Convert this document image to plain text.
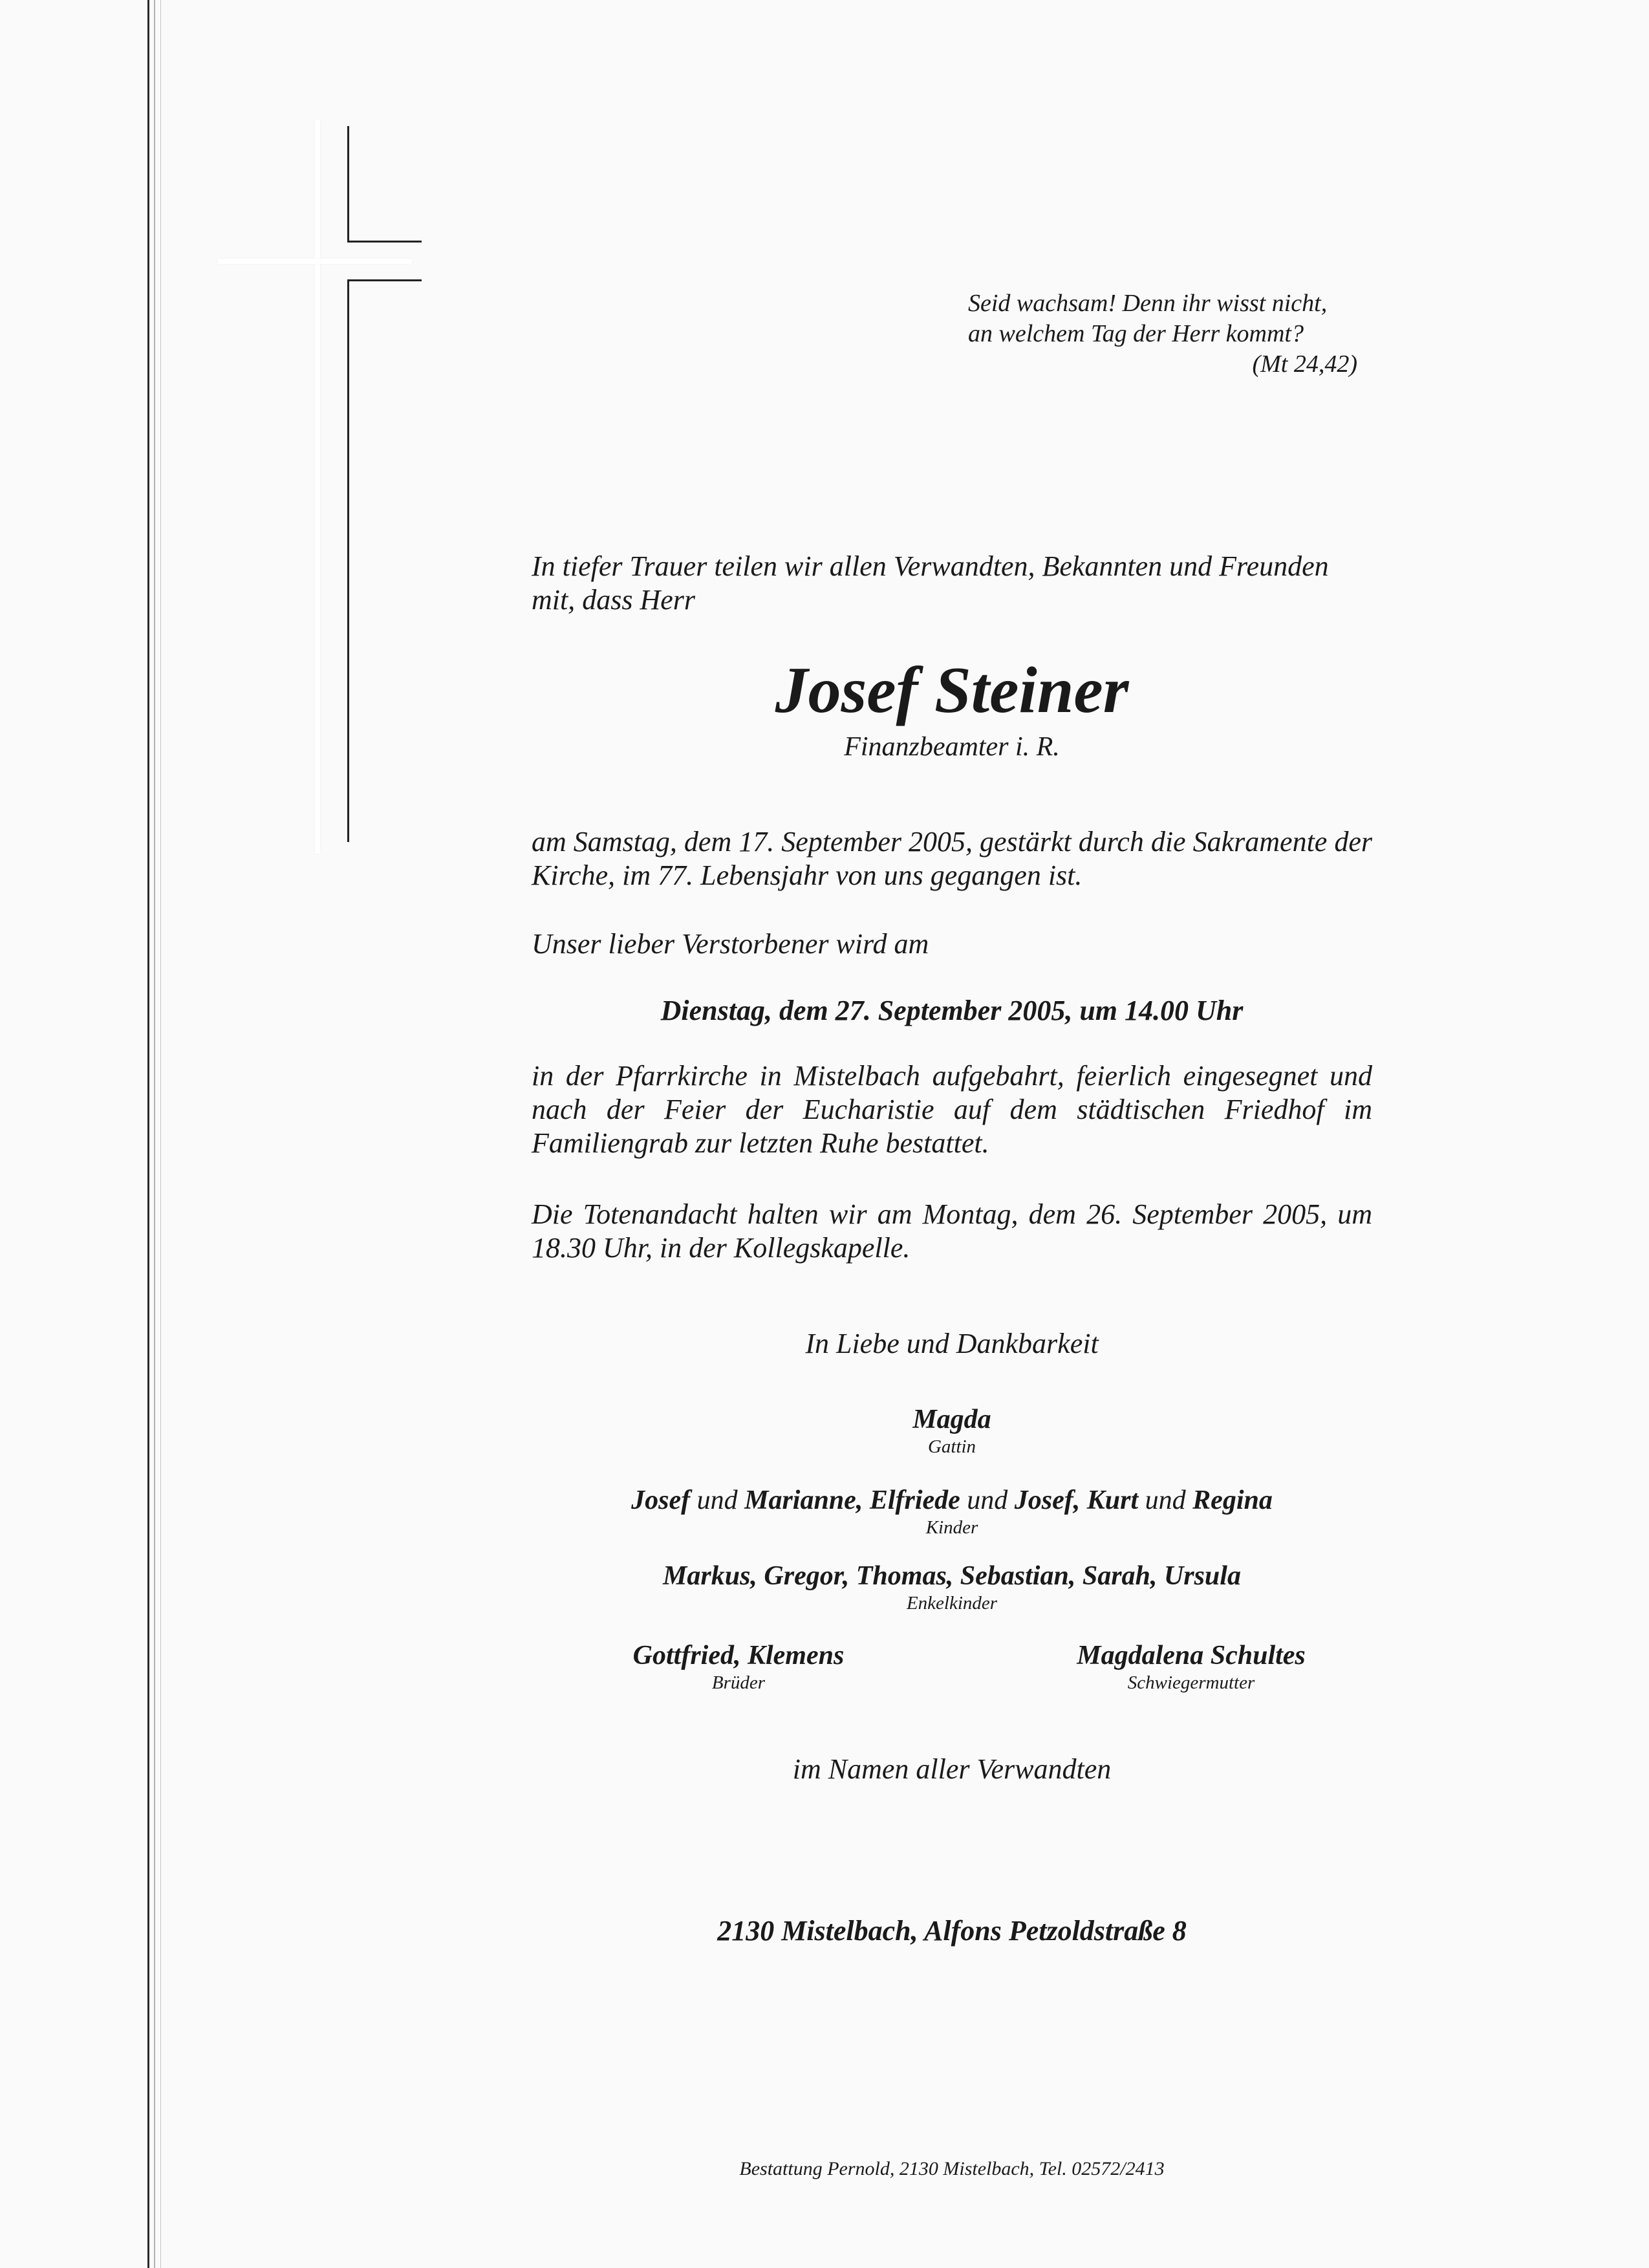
Seid wachsam! Denn ihr wisst nicht,
an welchem Tag der Herr kommt?
(Mt 24,42)

In tiefer Trauer teilen wir allen Verwandten, Bekannten und Freunden mit, dass Herr

Josef Steiner

Finanzbeamter i. R.

am Samstag, dem 17. September 2005, gestärkt durch die Sakramente der Kirche, im 77. Lebensjahr von uns gegangen ist.

Unser lieber Verstorbener wird am

Dienstag, dem 27. September 2005, um 14.00 Uhr

in der Pfarrkirche in Mistelbach aufgebahrt, feierlich eingesegnet und nach der Feier der Eucharistie auf dem städtischen Friedhof im Familiengrab zur letzten Ruhe bestattet.

Die Totenandacht halten wir am Montag, dem 26. September 2005, um 18.30 Uhr, in der Kollegskapelle.

In Liebe und Dankbarkeit

Magda
Gattin

Josef und Marianne, Elfriede und Josef, Kurt und Regina
Kinder

Markus, Gregor, Thomas, Sebastian, Sarah, Ursula
Enkelkinder

Gottfried, Klemens
Brüder

Magdalena Schultes
Schwiegermutter

im Namen aller Verwandten

2130 Mistelbach, Alfons Petzoldstraße 8

Bestattung Pernold, 2130 Mistelbach, Tel. 02572/2413
